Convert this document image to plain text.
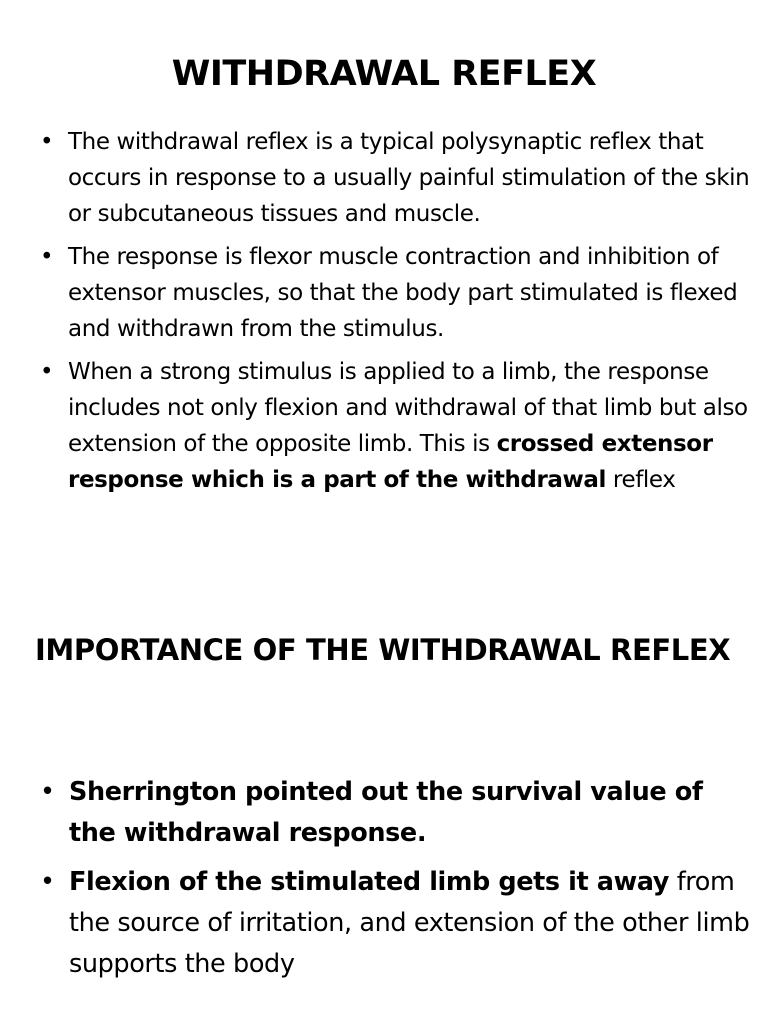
WITHDRAWAL REFLEX
• The withdrawal reflex is a typical polysynaptic reflex that occurs in response to a usually painful stimulation of the skin or subcutaneous tissues and muscle.
• The response is flexor muscle contraction and inhibition of extensor muscles, so that the body part stimulated is flexed and withdrawn from the stimulus.
• When a strong stimulus is applied to a limb, the response includes not only flexion and withdrawal of that limb but also extension of the opposite limb. This is crossed extensor response which is a part of the withdrawal reflex
IMPORTANCE OF THE WITHDRAWAL REFLEX
• Sherrington pointed out the survival value of the withdrawal response.
• Flexion of the stimulated limb gets it away from the source of irritation, and extension of the other limb supports the body
